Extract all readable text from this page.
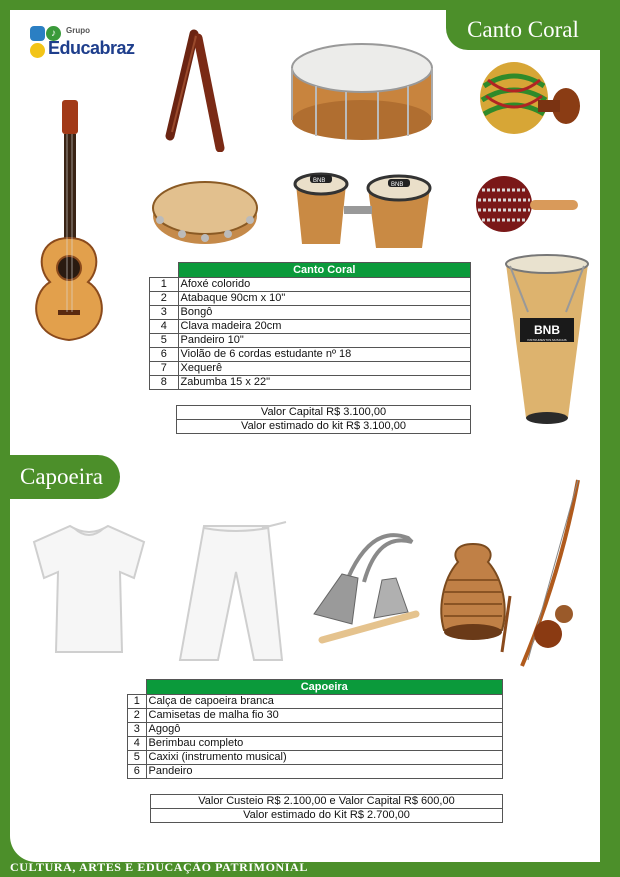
Canto Coral
Capoeira
CULTURA, ARTES E EDUCAÇÃO PATRIMONIAL
♪	Grupo
Educabraz
BNB
BNB
BNB
INSTRUMENTOS MUSICAIS
	Canto Coral
1	Afoxé colorido
2	Atabaque 90cm x 10"
3	Bongô
4	Clava madeira 20cm
5	Pandeiro 10"
6	Violão de 6 cordas estudante nº 18
7	Xequerê
8	Zabumba 15 x 22"
Valor Capital R$ 3.100,00
Valor estimado do kit R$ 3.100,00
	Capoeira
1	Calça de capoeira branca
2	Camisetas de malha fio 30
3	Agogô
4	Berimbau completo
5	Caxixi (instrumento musical)
6	Pandeiro
Valor Custeio R$ 2.100,00 e Valor Capital R$ 600,00
Valor estimado do Kit R$ 2.700,00
